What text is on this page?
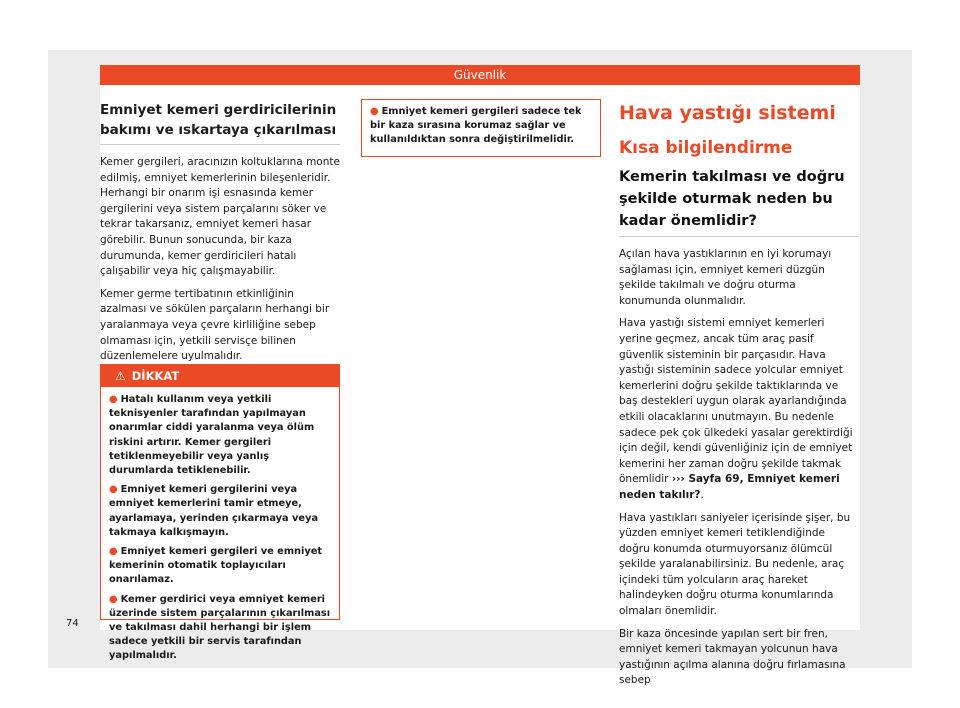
Güvenlik
Emniyet kemeri gerdiricilerinin bakımı ve ıskartaya çıkarılması

Kemer gergileri, aracınızın koltuklarına monte edilmiş, emniyet kemerlerinin bileşenleridir. Herhangi bir onarım işi esnasında kemer gergilerini veya sistem parçalarını söker ve tekrar takarsanız, emniyet kemeri hasar görebilir. Bunun sonucunda, bir kaza durumunda, kemer gerdiricileri hatalı çalışabilir veya hiç çalışmayabilir.

Kemer germe tertibatının etkinliğinin azalması ve sökülen parçaların herhangi bir yaralanmaya veya çevre kirliliğine sebep olmaması için, yetkili servisçe bilinen düzenlemelere uyulmalıdır.

⚠ DİKKAT

● Hatalı kullanım veya yetkili teknisyenler tarafından yapılmayan onarımlar ciddi yaralanma veya ölüm riskini artırır. Kemer gergileri tetiklenmeyebilir veya yanlış durumlarda tetiklenebilir.

● Emniyet kemeri gergilerini veya emniyet kemerlerini tamir etmeye, ayarlamaya, yerinden çıkarmaya veya takmaya kalkışmayın.

● Emniyet kemeri gergileri ve emniyet kemerinin otomatik toplayıcıları onarılamaz.

● Kemer gerdirici veya emniyet kemeri üzerinde sistem parçalarının çıkarılması ve takılması dahil herhangi bir işlem sadece yetkili bir servis tarafından yapılmalıdır.

● Emniyet kemeri gergileri sadece tek bir kaza sırasına korumaz sağlar ve kullanıldıktan sonra değiştirilmelidir.

Hava yastığı sistemi
Kısa bilgilendirme
Kemerin takılması ve doğru şekilde oturmak neden bu kadar önemlidir?

Açılan hava yastıklarının en iyi korumayı sağlaması için, emniyet kemeri düzgün şekilde takılmalı ve doğru oturma konumunda olunmalıdır.

Hava yastığı sistemi emniyet kemerleri yerine geçmez, ancak tüm araç pasif güvenlik sisteminin bir parçasıdır. Hava yastığı sisteminin sadece yolcular emniyet kemerlerini doğru şekilde taktıklarında ve baş destekleri uygun olarak ayarlandığında etkili olacaklarını unutmayın. Bu nedenle sadece pek çok ülkedeki yasalar gerektirdiği için değil, kendi güvenliğiniz için de emniyet kemerini her zaman doğru şekilde takmak önemlidir ››› Sayfa 69, Emniyet kemeri neden takılır?.

Hava yastıkları saniyeler içerisinde şişer, bu yüzden emniyet kemeri tetiklendiğinde doğru konumda oturmuyorsanız ölümcül şekilde yaralanabilirsiniz. Bu nedenle, araç içindeki tüm yolcuların araç hareket halindeyken doğru oturma konumlarında olmaları önemlidir.

Bir kaza öncesinde yapılan sert bir fren, emniyet kemeri takmayan yolcunun hava yastığının açılma alanına doğru fırlamasına sebep

74
